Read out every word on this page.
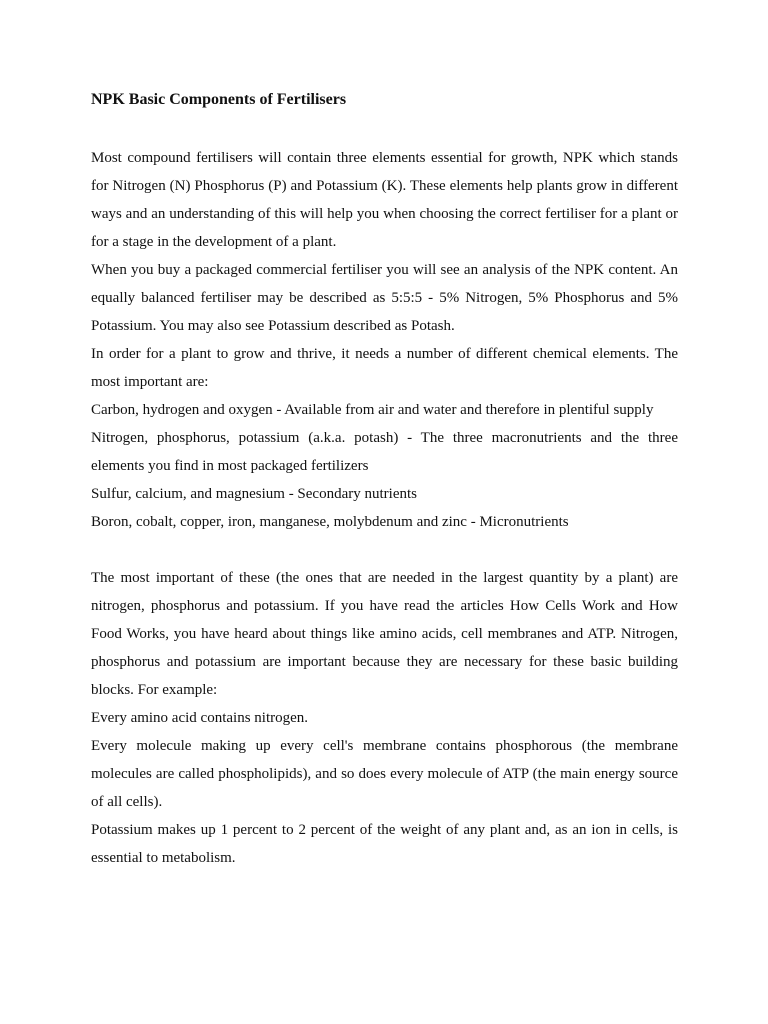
NPK Basic Components of Fertilisers

Most compound fertilisers will contain three elements essential for growth, NPK which stands for Nitrogen (N) Phosphorus (P) and Potassium (K). These elements help plants grow in different ways and an understanding of this will help you when choosing the correct fertiliser for a plant or for a stage in the development of a plant.

When you buy a packaged commercial fertiliser you will see an analysis of the NPK content. An equally balanced fertiliser may be described as 5:5:5 - 5% Nitrogen, 5% Phosphorus and 5% Potassium. You may also see Potassium described as Potash.

In order for a plant to grow and thrive, it needs a number of different chemical elements. The most important are:

Carbon, hydrogen and oxygen - Available from air and water and therefore in plentiful supply

Nitrogen, phosphorus, potassium (a.k.a. potash) - The three macronutrients and the three elements you find in most packaged fertilizers

Sulfur, calcium, and magnesium - Secondary nutrients

Boron, cobalt, copper, iron, manganese, molybdenum and zinc - Micronutrients

The most important of these (the ones that are needed in the largest quantity by a plant) are nitrogen, phosphorus and potassium. If you have read the articles How Cells Work and How Food Works, you have heard about things like amino acids, cell membranes and ATP. Nitrogen, phosphorus and potassium are important because they are necessary for these basic building blocks. For example:

Every amino acid contains nitrogen.

Every molecule making up every cell's membrane contains phosphorous (the membrane molecules are called phospholipids), and so does every molecule of ATP (the main energy source of all cells).

Potassium makes up 1 percent to 2 percent of the weight of any plant and, as an ion in cells, is essential to metabolism.
